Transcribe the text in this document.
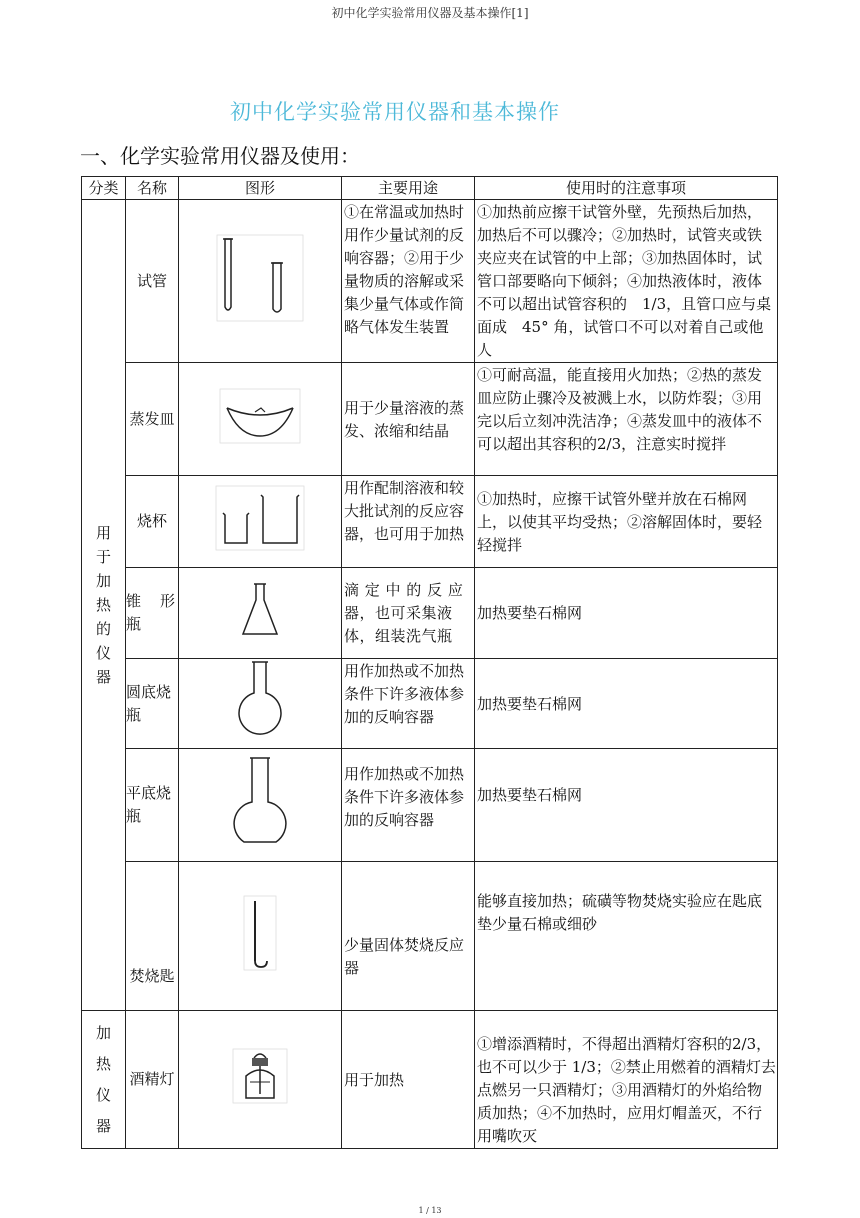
初中化学实验常用仪器及基本操作[1]
初中化学实验常用仪器和基本操作
一、化学实验常用仪器及使用：
分类	名称	图形	主要用途	使用时的注意事项

用于加热的仪器	试管		①在常温或加热时用作少量试剂的反响容器；②用于少量物质的溶解或采集少量气体或作简略气体发生装置	①加热前应擦干试管外壁，先预热后加热，加热后不可以骤冷；②加热时，试管夹或铁夹应夹在试管的中上部；③加热固体时，试管口部要略向下倾斜；④加热液体时，液体不可以超出试管容积的　1/3，且管口应与桌面成　45° 角，试管口不可以对着自己或他人
	蒸发皿		用于少量溶液的蒸发、浓缩和结晶	①可耐高温，能直接用火加热；②热的蒸发皿应防止骤冷及被溅上水，以防炸裂；③用完以后立刻冲洗洁净；④蒸发皿中的液体不可以超出其容积的2/3，注意实时搅拌
	烧杯		用作配制溶液和较大批试剂的反应容器，也可用于加热	①加热时，应擦干试管外壁并放在石棉网上，以使其平均受热；②溶解固体时，要轻轻搅拌
	锥　形瓶		滴 定 中 的 反 应器，也可采集液体，组装洗气瓶	加热要垫石棉网
	圆底烧瓶		用作加热或不加热条件下许多液体参加的反响容器	加热要垫石棉网
	平底烧瓶		用作加热或不加热条件下许多液体参加的反响容器	加热要垫石棉网
	焚烧匙		少量固体焚烧反应器	能够直接加热；硫磺等物焚烧实验应在匙底垫少量石棉或细砂

加热仪器	酒精灯		用于加热	①增添酒精时，不得超出酒精灯容积的2/3，也不可以少于 1/3；②禁止用燃着的酒精灯去点燃另一只酒精灯；③用酒精灯的外焰给物质加热；④不加热时，应用灯帽盖灭，不行用嘴吹灭
1 / 13
